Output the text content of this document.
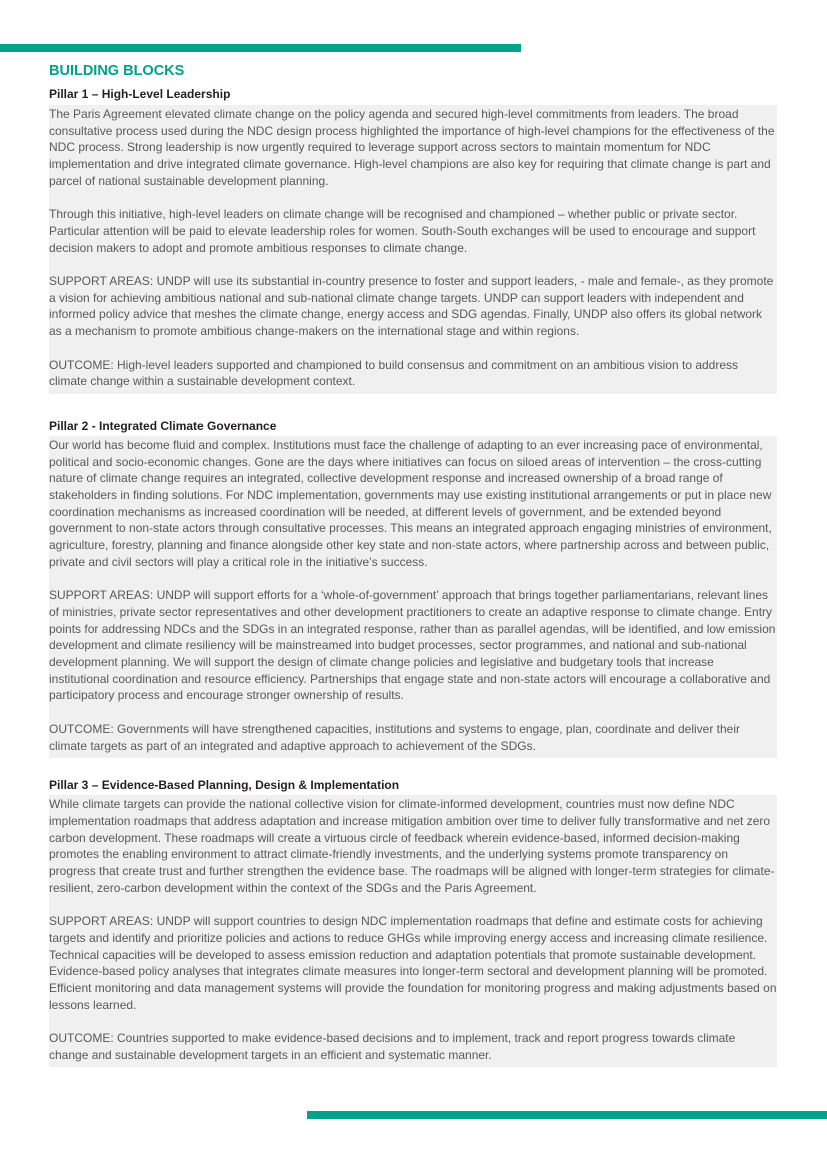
BUILDING BLOCKS
Pillar 1 – High-Level Leadership

The Paris Agreement elevated climate change on the policy agenda and secured high-level commitments from leaders. The broad consultative process used during the NDC design process highlighted the importance of high-level champions for the effectiveness of the NDC process. Strong leadership is now urgently required to leverage support across sectors to maintain momentum for NDC implementation and drive integrated climate governance. High-level champions are also key for requiring that climate change is part and parcel of national sustainable development planning.

Through this initiative, high-level leaders on climate change will be recognised and championed – whether public or private sector. Particular attention will be paid to elevate leadership roles for women. South-South exchanges will be used to encourage and support decision makers to adopt and promote ambitious responses to climate change.

SUPPORT AREAS: UNDP will use its substantial in-country presence to foster and support leaders, - male and female-, as they promote a vision for achieving ambitious national and sub-national climate change targets. UNDP can support leaders with independent and informed policy advice that meshes the climate change, energy access and SDG agendas. Finally, UNDP also offers its global network as a mechanism to promote ambitious change-makers on the international stage and within regions.

OUTCOME: High-level leaders supported and championed to build consensus and commitment on an ambitious vision to address climate change within a sustainable development context.

Pillar 2 - Integrated Climate Governance

Our world has become fluid and complex. Institutions must face the challenge of adapting to an ever increasing pace of environmental, political and socio-economic changes. Gone are the days where initiatives can focus on siloed areas of intervention – the cross-cutting nature of climate change requires an integrated, collective development response and increased ownership of a broad range of stakeholders in finding solutions. For NDC implementation, governments may use existing institutional arrangements or put in place new coordination mechanisms as increased coordination will be needed, at different levels of government, and be extended beyond government to non-state actors through consultative processes. This means an integrated approach engaging ministries of environment, agriculture, forestry, planning and finance alongside other key state and non-state actors, where partnership across and between public, private and civil sectors will play a critical role in the initiative’s success.

SUPPORT AREAS: UNDP will support efforts for a ‘whole-of-government’ approach that brings together parliamentarians, relevant lines of ministries, private sector representatives and other development practitioners to create an adaptive response to climate change. Entry points for addressing NDCs and the SDGs in an integrated response, rather than as parallel agendas, will be identified, and low emission development and climate resiliency will be mainstreamed into budget processes, sector programmes, and national and sub-national development planning. We will support the design of climate change policies and legislative and budgetary tools that increase institutional coordination and resource efficiency. Partnerships that engage state and non-state actors will encourage a collaborative and participatory process and encourage stronger ownership of results.

OUTCOME: Governments will have strengthened capacities, institutions and systems to engage, plan, coordinate and deliver their climate targets as part of an integrated and adaptive approach to achievement of the SDGs.

Pillar 3 – Evidence-Based Planning, Design & Implementation

While climate targets can provide the national collective vision for climate-informed development, countries must now define NDC implementation roadmaps that address adaptation and increase mitigation ambition over time to deliver fully transformative and net zero carbon development. These roadmaps will create a virtuous circle of feedback wherein evidence-based, informed decision-making promotes the enabling environment to attract climate-friendly investments, and the underlying systems promote transparency on progress that create trust and further strengthen the evidence base. The roadmaps will be aligned with longer-term strategies for climate-resilient, zero-carbon development within the context of the SDGs and the Paris Agreement.

SUPPORT AREAS: UNDP will support countries to design NDC implementation roadmaps that define and estimate costs for achieving targets and identify and prioritize policies and actions to reduce GHGs while improving energy access and increasing climate resilience. Technical capacities will be developed to assess emission reduction and adaptation potentials that promote sustainable development. Evidence-based policy analyses that integrates climate measures into longer-term sectoral and development planning will be promoted. Efficient monitoring and data management systems will provide the foundation for monitoring progress and making adjustments based on lessons learned.

OUTCOME: Countries supported to make evidence-based decisions and to implement, track and report progress towards climate change and sustainable development targets in an efficient and systematic manner.
